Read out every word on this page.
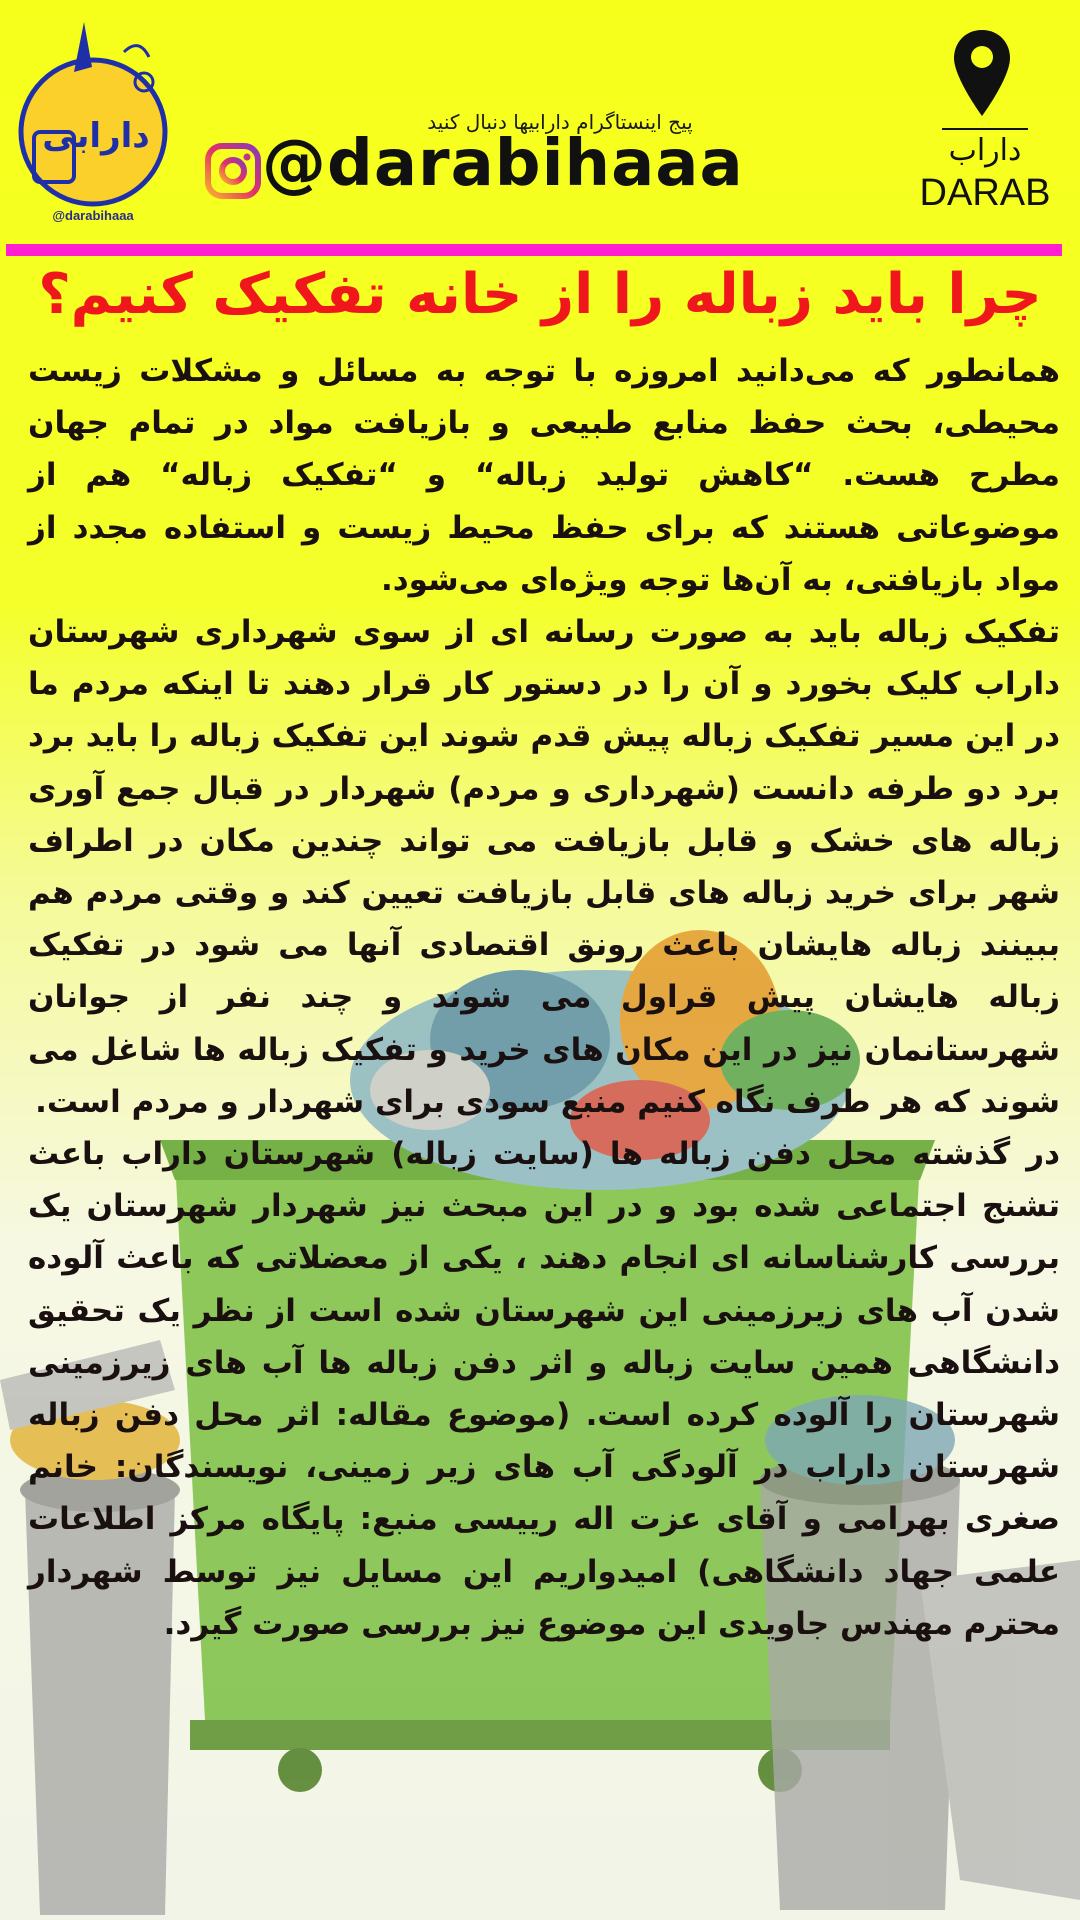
دارابی
@darabihaaa
پیج اینستاگرام دارابیها دنبال کنید
@darabihaaa	داراب
DARAB
چرا باید زباله را از خانه تفکیک کنیم؟

همانطور که می‌دانید امروزه با توجه به مسائل و مشکلات زیست محیطی، بحث حفظ منابع طبیعی و بازیافت مواد در تمام جهان مطرح هست. “کاهش تولید زباله“ و “تفکیک زباله“ هم از موضوعاتی هستند که برای حفظ محیط زیست و استفاده مجدد از مواد بازیافتی، به آن‌ها توجه ویژه‌ای می‌شود.

تفکیک زباله باید به صورت رسانه ای از سوی شهرداری شهرستان داراب کلیک بخورد و آن را در دستور کار قرار دهند تا اینکه مردم ما در این مسیر تفکیک زباله پیش قدم شوند این تفکیک زباله را باید برد برد دو طرفه دانست (شهرداری و مردم) شهردار در قبال جمع آوری زباله های خشک و قابل بازیافت می تواند چندین مکان در اطراف شهر برای خرید زباله های قابل بازیافت تعیین کند و وقتی مردم هم ببینند زباله هایشان باعث رونق اقتصادی آنها می شود در تفکیک زباله هایشان پیش قراول می شوند و چند نفر از جوانان شهرستانمان نیز در این مکان های خرید و تفکیک زباله ها شاغل می شوند که هر طرف نگاه کنیم منبع سودی برای شهردار و مردم است.

در گذشته محل دفن زباله ها (سایت زباله) شهرستان داراب باعث تشنج اجتماعی شده بود و در این مبحث نیز شهردار شهرستان یک بررسی کارشناسانه ای انجام دهند ، یکی از معضلاتی که باعث آلوده شدن آب های زیرزمینی این شهرستان شده است از نظر یک تحقیق دانشگاهی همین سایت زباله و اثر دفن زباله ها آب های زیرزمینی شهرستان را آلوده کرده است. (موضوع مقاله: اثر محل دفن زباله شهرستان داراب در آلودگی آب های زیر زمینی، نویسندگان: خانم صغری بهرامی و آقای عزت اله رییسی منبع: پایگاه مرکز اطلاعات علمی جهاد دانشگاهی) امیدواریم این مسایل نیز توسط شهردار محترم مهندس جاویدی این موضوع نیز بررسی صورت گیرد.
